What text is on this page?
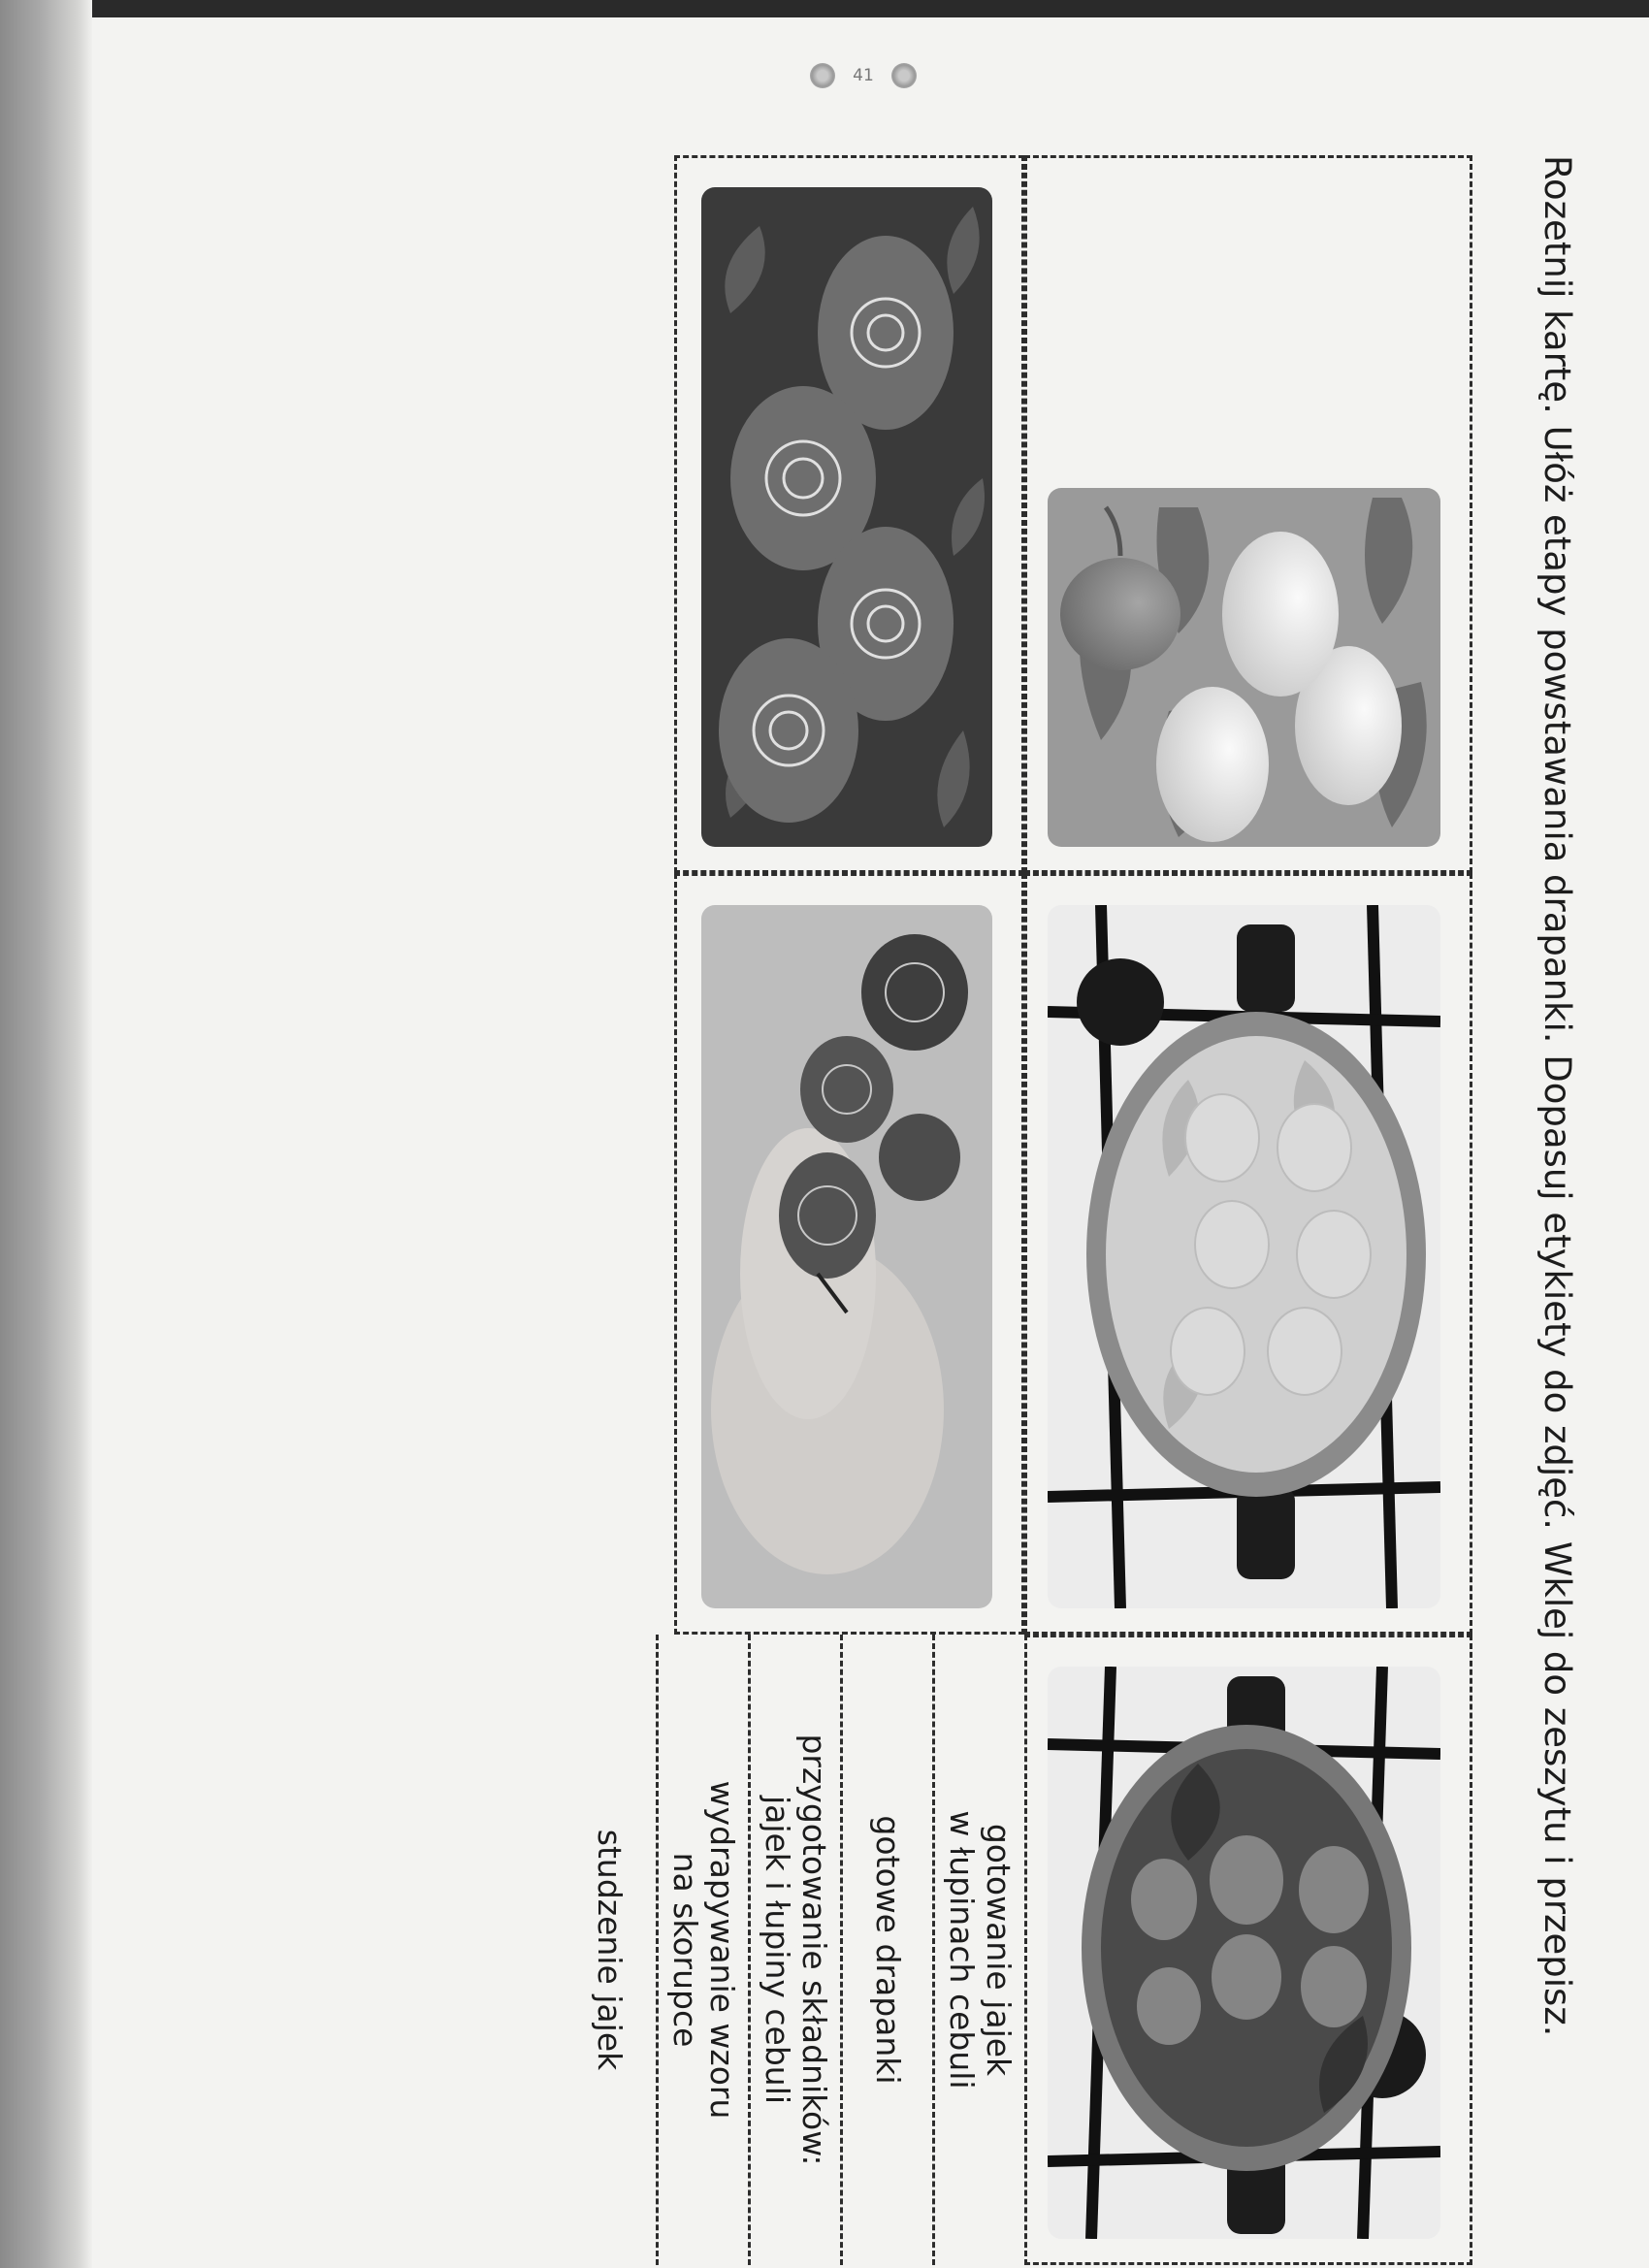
41
Rozetnij kartę. Ułóż etapy powstawania drapanki. Dopasuj etykiety do zdjęć. Wklej do zeszytu i przepisz.
gotowanie jajek
w łupinach cebuli
gotowe drapanki
przygotowanie składników:
jajek i łupiny cebuli
wydrapywanie wzoru
na skorupce
studzenie jajek
